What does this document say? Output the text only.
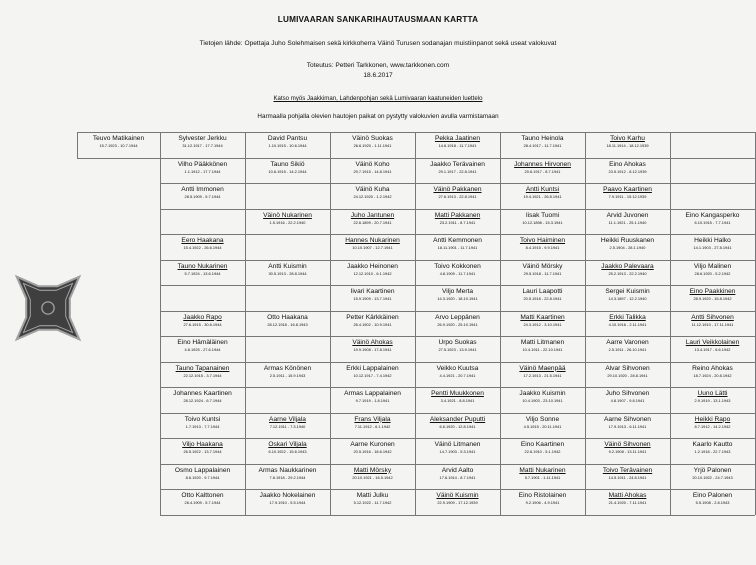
LUMIVAARAN SANKARIHAUTAUSMAAN KARTTA
Tietojen lähde: Opettaja Juho Solehmaisen sekä kirkkoherra Väinö Turusen sodanajan muistiinpanot sekä useat valokuvat
Toteutus: Petteri Tarkkonen, www.tarkkonen.com
18.6.2017
Katso myös Jaakkiman, Lahdenpohjan sekä Lumivaaran kaatuneiden luettelo
Harmaalla pohjalla olevien hautojen paikat on pystytty valokuvien avulla varmistamaan
Teuvo Matikainen
15.7.1923 - 10.7.1944
Sylvester Jerkku
31.12.1917 - 17.7.1944
David Pantsu
1.10.1915 - 10.6.1944
Väinö Suokas
26.6.1920 - 1.11.1941
Pekka Jaatinen
14.6.1918 - 11.7.1941
Tauno Heinola
28.4.1917 - 11.7.1941
Toivo Karhu
18.11.1914 - 18.12.1939
Vilho Pääkkönen
1.1.1912 - 17.7.1944
Tauno Sikiö
10.6.1915 - 14.2.1944
Väinö Koho
29.7.1915 - 14.8.1941
Jaakko Terävainen
29.1.1917 - 22.8.1941
Johannes Hirvonen
20.6.1917 - 8.7.1941
Eino Ahokas
23.5.1912 - 8.12.1939
Antti Immonen
28.5.1909 - 5.7.1944
Väinö Kuha
24.12.1920 - 1.2.1942
Väinö Pakkanen
27.6.1913 - 22.8.1941
Antti Kuntsi
19.4.1921 - 26.8.1941
Paavo Kaartinen
7.9.1911 - 15.12.1939
Väinö Nukarinen
1.5.1916 - 22.2.1940
Juho Jantunen
22.6.1899 - 20.7.1941
Matti Pakkanen
23.2.1911 - 8.7.1941
Iisak Tuomi
10.12.1898 - 15.3.1941
Arvid Juvonen
11.1.1921 - 25.1.1940
Eino Kangasperko
6.10.1915 - 7.7.1941
Eero Haakana
15.4.1922 - 26.6.1944
Hannes Nukarinen
10.10.1907 - 12.7.1941
Antti Kemmonen
18.11.1901 - 11.7.1941
Toivo Haiminen
8.4.1915 - 9.9.1941
Heikki Ruuskanen
2.5.1904 - 28.1.1940
Heikki Halko
14.1.1903 - 27.8.1941
Tauno Nukarinen
5.7.1924 - 13.6.1944
Antti Kuismin
30.5.1913 - 28.8.1944
Jaakko Heinonen
12.12.1910 - 6.1.1942
Toivo Kokkonen
4.8.1909 - 11.7.1941
Väinö Mörsky
29.5.1918 - 11.7.1941
Jaakko Palevaara
25.2.1913 - 22.2.1940
Viljo Malinen
28.6.1920 - 5.2.1942
Iivari Kaartinen
15.9.1909 - 13.7.1941
Viljo Merta
14.3.1920 - 18.10.1941
Lauri Laapotti
20.5.1918 - 22.8.1941
Sergei Kuismin
14.3.1897 - 12.2.1940
Eino Paakkinen
28.9.1920 - 15.8.1942
Jaakko Rapo
27.6.1915 - 30.6.1944
Otto Haakana
28.12.1918 - 16.8.1943
Petter Kärkkäinen
26.4.1902 - 10.9.1941
Arvo Leppänen
26.9.1920 - 25.10.1941
Matti Kaartinen
24.3.1912 - 3.10.1941
Erkki Talikka
4.10.1916 - 2.11.1941
Antti Sihvonen
11.12.1910 - 17.11.1941
Eino Hämäläinen
4.8.1925 - 27.6.1944
Väinö Ahokas
19.9.1908 - 17.8.1941
Urpo Suokas
27.5.1923 - 13.9.1941
Matti Litmanen
10.4.1911 - 22.10.1941
Aarre Varonen
2.5.1911 - 26.10.1941
Lauri Veikkolainen
13.4.1917 - 6.6.1942
Tauno Tapanainen
22.12.1915 - 3.7.1944
Armas Könönen
2.5.1911 - 15.9.1943
Erkki Lappalainen
10.12.1917 - 7.4.1942
Veikko Kuutsa
4.4.1921 - 20.7.1941
Väinö Maenpää
17.2.1913 - 21.5.1941
Alvar Sihvonen
29.10.1920 - 28.8.1941
Reino Ahokas
18.7.1924 - 20.8.1942
Johannes Kaartinen
28.12.1924 - 6.7.1944
Armas Lappalainen
9.7.1919 - 1.8.1941
Pentti Muukkonen
3.4.1921 - 8.8.1941
Jaakko Kuismin
10.4.1903 - 23.10.1941
Juho Sihvonen
4.8.1907 - 9.8.1941
Uuno Lätti
2.9.1919 - 13.1.1943
Toivo Kuntsi
1.7.1913 - 7.7.1944
Aarne Viljala
7.12.1911 - 7.3.1940
Frans Viljala
7.11.1912 - 6.1.1942
Aleksander Puputti
6.6.1920 - 12.8.1941
Viljo Sonne
4.5.1915 - 20.11.1941
Aarne Sihvonen
17.9.1913 - 6.11.1941
Heikki Rapo
8.7.1912 - 14.2.1942
Viljo Haakana
26.5.1922 - 13.7.1944
Oskari Viljala
6.10.1922 - 15.6.1943
Aarne Kuronen
20.5.1916 - 18.6.1942
Väinö Litmanen
14.7.1903 - 5.3.1941
Eino Kaartinen
22.6.1910 - 5.1.1942
Väinö Sihvonen
9.2.1908 - 13.11.1941
Kaarlo Kautto
1.2.1918 - 22.7.1943
Osmo Lappalainen
8.6.1920 - 9.7.1944
Armas Naukkarinen
7.8.1918 - 29.2.1944
Matti Mörsky
20.10.1921 - 16.5.1942
Arvid Aalto
17.6.1914 - 8.7.1941
Matti Nukarinen
5.7.1901 - 1.11.1941
Toivo Terävainen
14.5.1911 - 24.8.1941
Yrjö Palonen
20.10.1922 - 24.7.1943
Otto Kalttonen
26.4.1909 - 5.7.1944
Jaakko Nokelainen
17.9.1910 - 5.5.1944
Matti Julku
5.12.1922 - 11.7.1942
Väinö Kuismin
22.9.1909 - 17.12.1939
Eino Ristolainen
9.2.1906 - 4.9.1941
Matti Ahokas
21.4.1920 - 7.11.1941
Eino Palonen
5.5.1908 - 2.8.1943
